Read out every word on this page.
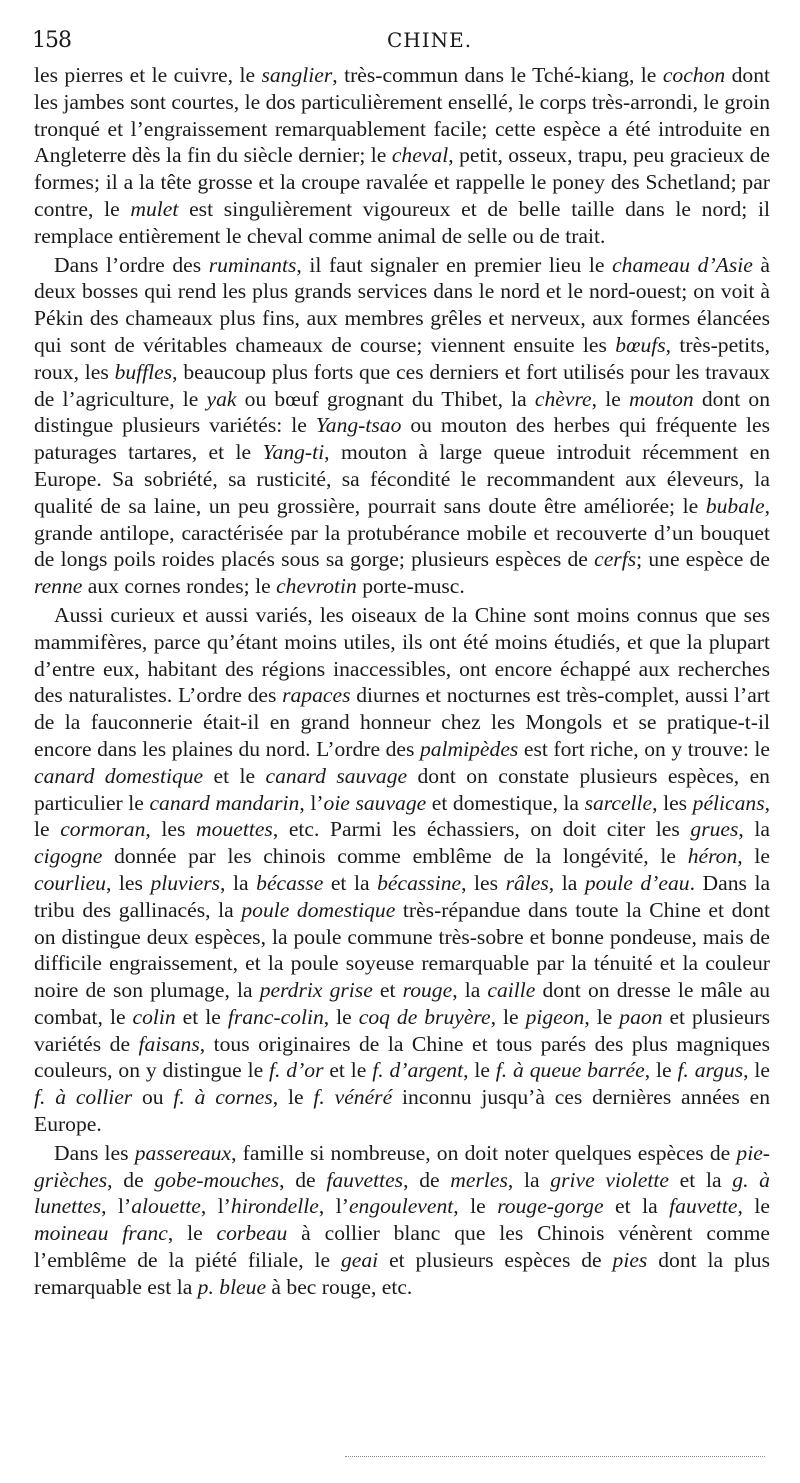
158	CHINE.

les pierres et le cuivre, le sanglier, très-commun dans le Tché-kiang, le cochon dont les jambes sont courtes, le dos particulièrement ensellé, le corps très-arrondi, le groin tronqué et l’engraissement remarquablement facile; cette espèce a été introduite en Angleterre dès la fin du siècle dernier; le cheval, petit, osseux, trapu, peu gracieux de formes; il a la tête grosse et la croupe ravalée et rappelle le poney des Schetland; par contre, le mulet est singulièrement vigoureux et de belle taille dans le nord; il remplace entièrement le cheval comme animal de selle ou de trait.

Dans l’ordre des ruminants, il faut signaler en premier lieu le chameau d’Asie à deux bosses qui rend les plus grands services dans le nord et le nord-ouest; on voit à Pékin des chameaux plus fins, aux membres grêles et nerveux, aux formes élancées qui sont de véritables chameaux de course; viennent ensuite les bœufs, très-petits, roux, les buffles, beaucoup plus forts que ces derniers et fort utilisés pour les travaux de l’agriculture, le yak ou bœuf grognant du Thibet, la chèvre, le mouton dont on distingue plusieurs variétés: le Yang-tsao ou mouton des herbes qui fréquente les paturages tartares, et le Yang-ti, mouton à large queue introduit récemment en Europe. Sa sobriété, sa rusticité, sa fécondité le recommandent aux éleveurs, la qualité de sa laine, un peu grossière, pourrait sans doute être améliorée; le bubale, grande antilope, caractérisée par la protubérance mobile et recouverte d’un bouquet de longs poils roides placés sous sa gorge; plusieurs espèces de cerfs; une espèce de renne aux cornes rondes; le chevrotin porte-musc.

Aussi curieux et aussi variés, les oiseaux de la Chine sont moins connus que ses mammifères, parce qu’étant moins utiles, ils ont été moins étudiés, et que la plupart d’entre eux, habitant des régions inaccessibles, ont encore échappé aux recherches des naturalistes. L’ordre des rapaces diurnes et nocturnes est très-complet, aussi l’art de la fauconnerie était-il en grand honneur chez les Mongols et se pratique-t-il encore dans les plaines du nord. L’ordre des palmipèdes est fort riche, on y trouve: le canard domestique et le canard sauvage dont on constate plusieurs espèces, en particulier le canard mandarin, l’oie sauvage et domestique, la sarcelle, les pélicans, le cormoran, les mouettes, etc. Parmi les échassiers, on doit citer les grues, la cigogne donnée par les chinois comme emblême de la longévité, le héron, le courlieu, les pluviers, la bécasse et la bécassine, les râles, la poule d’eau. Dans la tribu des gallinacés, la poule domestique très-répandue dans toute la Chine et dont on distingue deux espèces, la poule commune très-sobre et bonne pondeuse, mais de difficile engraissement, et la poule soyeuse remarquable par la ténuité et la couleur noire de son plumage, la perdrix grise et rouge, la caille dont on dresse le mâle au combat, le colin et le franc-colin, le coq de bruyère, le pigeon, le paon et plusieurs variétés de faisans, tous originaires de la Chine et tous parés des plus magniques couleurs, on y distingue le f. d’or et le f. d’argent, le f. à queue barrée, le f. argus, le f. à collier ou f. à cornes, le f. vénéré inconnu jusqu’à ces dernières années en Europe.

Dans les passereaux, famille si nombreuse, on doit noter quelques espèces de pie-grièches, de gobe-mouches, de fauvettes, de merles, la grive violette et la g. à lunettes, l’alouette, l’hirondelle, l’engoulevent, le rouge-gorge et la fauvette, le moineau franc, le corbeau à collier blanc que les Chinois vénèrent comme l’emblême de la piété filiale, le geai et plusieurs espèces de pies dont la plus remarquable est la p. bleue à bec rouge, etc.
